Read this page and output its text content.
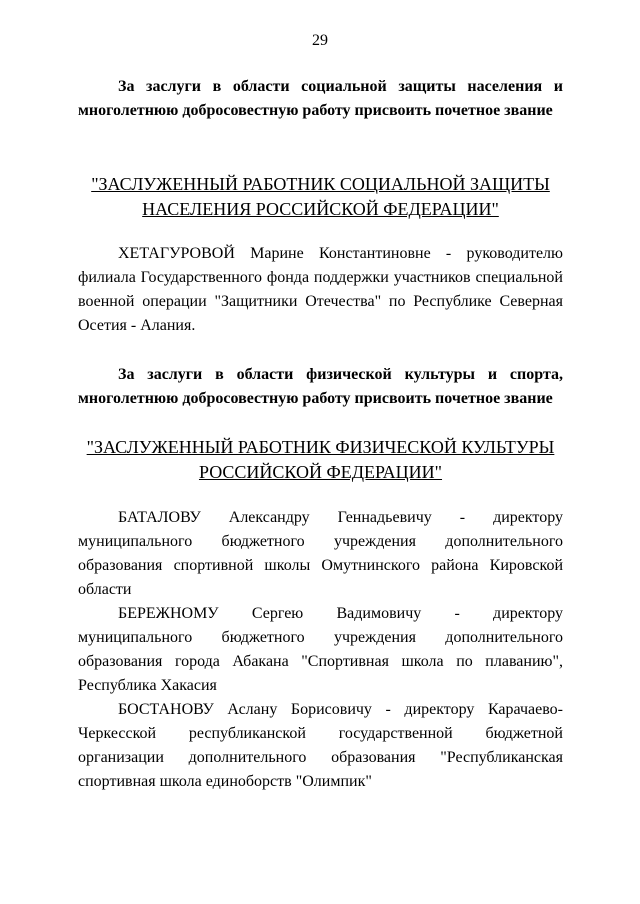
29

За заслуги в области социальной защиты населения и многолетнюю добросовестную работу присвоить почетное звание

"ЗАСЛУЖЕННЫЙ РАБОТНИК СОЦИАЛЬНОЙ ЗАЩИТЫ НАСЕЛЕНИЯ РОССИЙСКОЙ ФЕДЕРАЦИИ"

ХЕТАГУРОВОЙ Марине Константиновне - руководителю филиала Государственного фонда поддержки участников специальной военной операции "Защитники Отечества" по Республике Северная Осетия - Алания.

За заслуги в области физической культуры и спорта, многолетнюю добросовестную работу присвоить почетное звание

"ЗАСЛУЖЕННЫЙ РАБОТНИК ФИЗИЧЕСКОЙ КУЛЬТУРЫ РОССИЙСКОЙ ФЕДЕРАЦИИ"

БАТАЛОВУ Александру Геннадьевичу - директору муниципального бюджетного учреждения дополнительного образования спортивной школы Омутнинского района Кировской области

БЕРЕЖНОМУ Сергею Вадимовичу - директору муниципального бюджетного учреждения дополнительного образования города Абакана "Спортивная школа по плаванию", Республика Хакасия

БОСТАНОВУ Аслану Борисовичу - директору Карачаево-Черкесской республиканской государственной бюджетной организации дополнительного образования "Республиканская спортивная школа единоборств "Олимпик"
